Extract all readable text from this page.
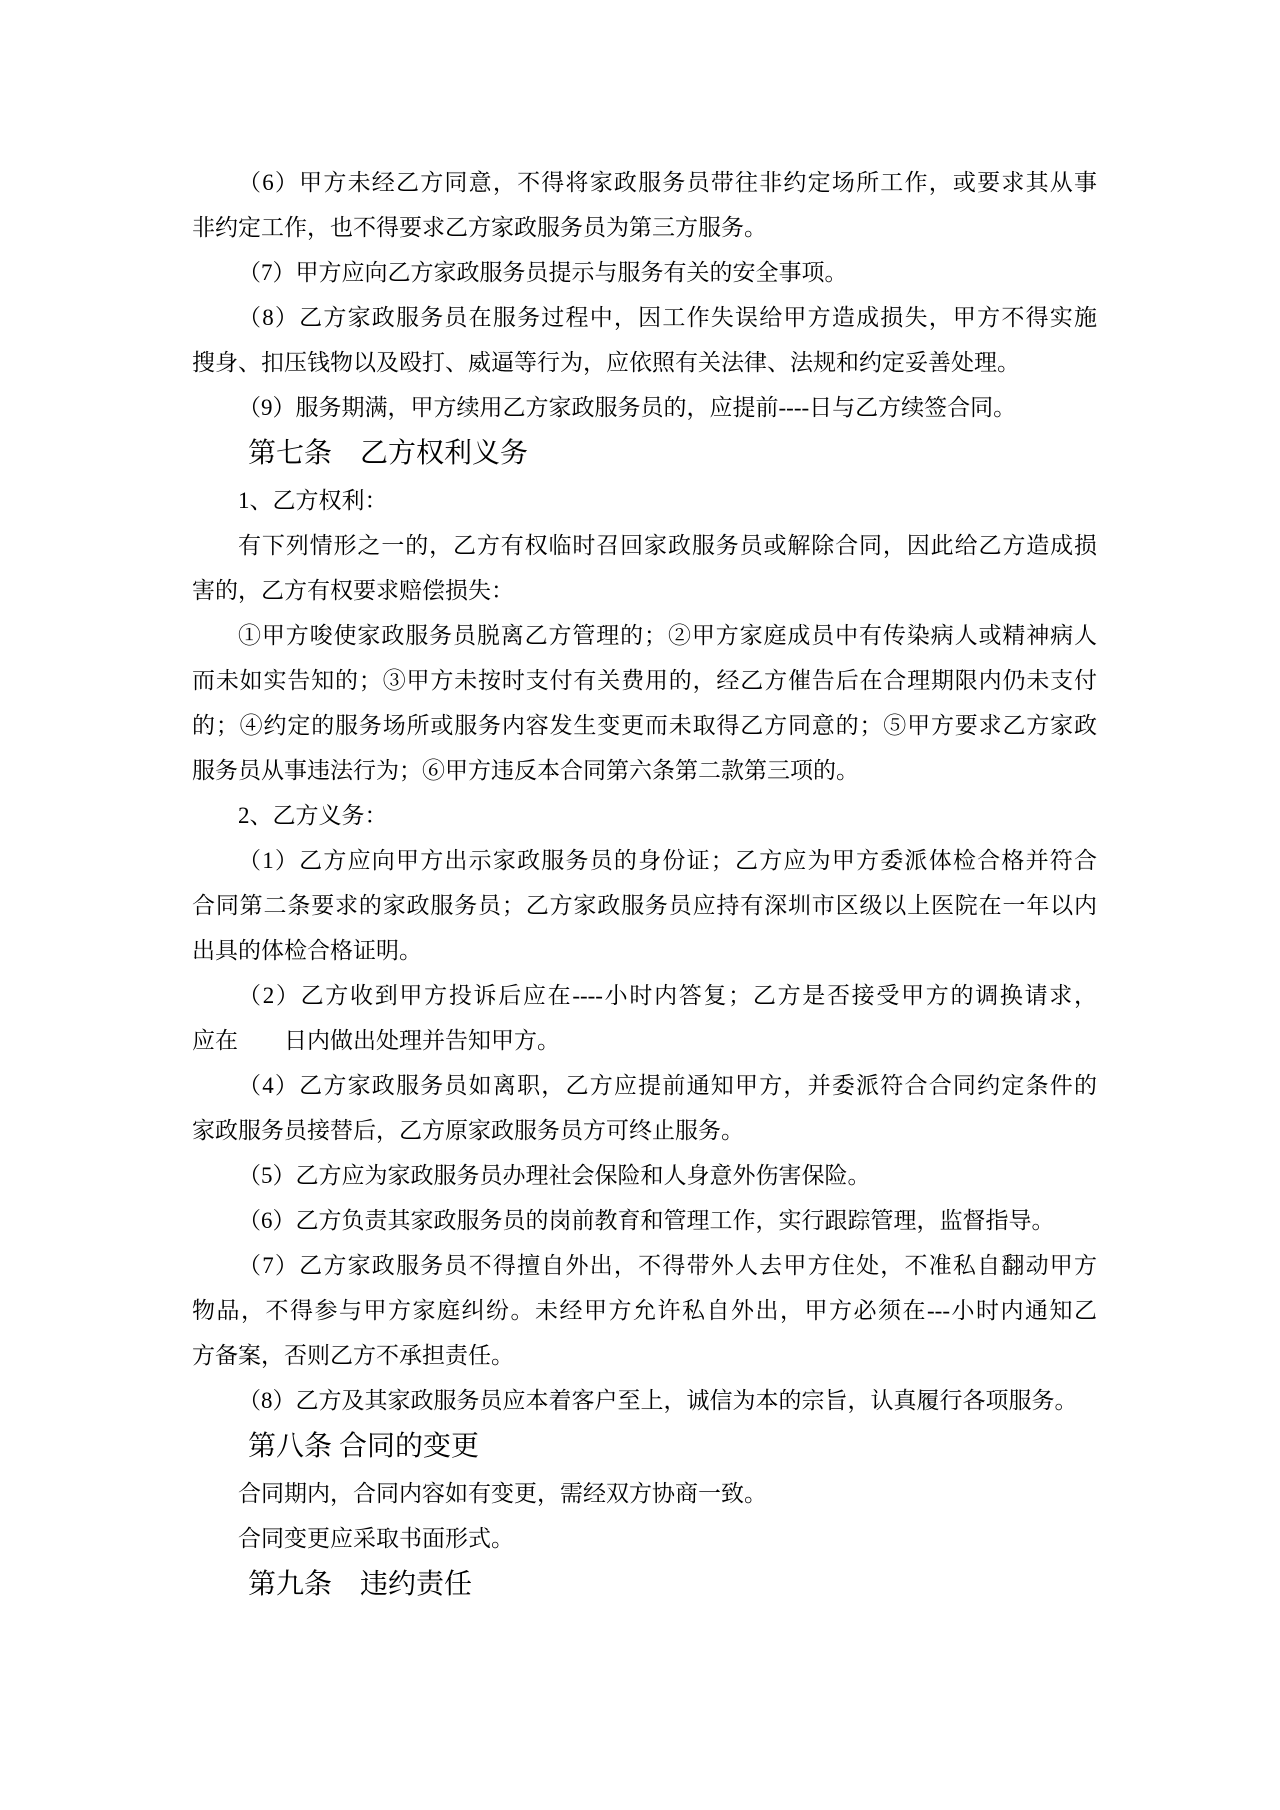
（6）甲方未经乙方同意，不得将家政服务员带往非约定场所工作，或要求其从事
非约定工作，也不得要求乙方家政服务员为第三方服务。
（7）甲方应向乙方家政服务员提示与服务有关的安全事项。
（8）乙方家政服务员在服务过程中，因工作失误给甲方造成损失，甲方不得实施
搜身、扣压钱物以及殴打、威逼等行为，应依照有关法律、法规和约定妥善处理。
（9）服务期满，甲方续用乙方家政服务员的，应提前----日与乙方续签合同。
第七条　乙方权利义务
1、乙方权利：
有下列情形之一的，乙方有权临时召回家政服务员或解除合同，因此给乙方造成损
害的，乙方有权要求赔偿损失：
①甲方唆使家政服务员脱离乙方管理的；②甲方家庭成员中有传染病人或精神病人
而未如实告知的；③甲方未按时支付有关费用的，经乙方催告后在合理期限内仍未支付
的；④约定的服务场所或服务内容发生变更而未取得乙方同意的；⑤甲方要求乙方家政
服务员从事违法行为；⑥甲方违反本合同第六条第二款第三项的。
2、乙方义务：
（1）乙方应向甲方出示家政服务员的身份证；乙方应为甲方委派体检合格并符合
合同第二条要求的家政服务员；乙方家政服务员应持有深圳市区级以上医院在一年以内
出具的体检合格证明。
（2）乙方收到甲方投诉后应在----小时内答复；乙方是否接受甲方的调换请求，
应在　　日内做出处理并告知甲方。
（4）乙方家政服务员如离职，乙方应提前通知甲方，并委派符合合同约定条件的
家政服务员接替后，乙方原家政服务员方可终止服务。
（5）乙方应为家政服务员办理社会保险和人身意外伤害保险。
（6）乙方负责其家政服务员的岗前教育和管理工作，实行跟踪管理，监督指导。
（7）乙方家政服务员不得擅自外出，不得带外人去甲方住处，不准私自翻动甲方
物品，不得参与甲方家庭纠纷。未经甲方允许私自外出，甲方必须在---小时内通知乙
方备案，否则乙方不承担责任。
（8）乙方及其家政服务员应本着客户至上，诚信为本的宗旨，认真履行各项服务。
第八条 合同的变更
合同期内，合同内容如有变更，需经双方协商一致。
合同变更应采取书面形式。
第九条　违约责任
